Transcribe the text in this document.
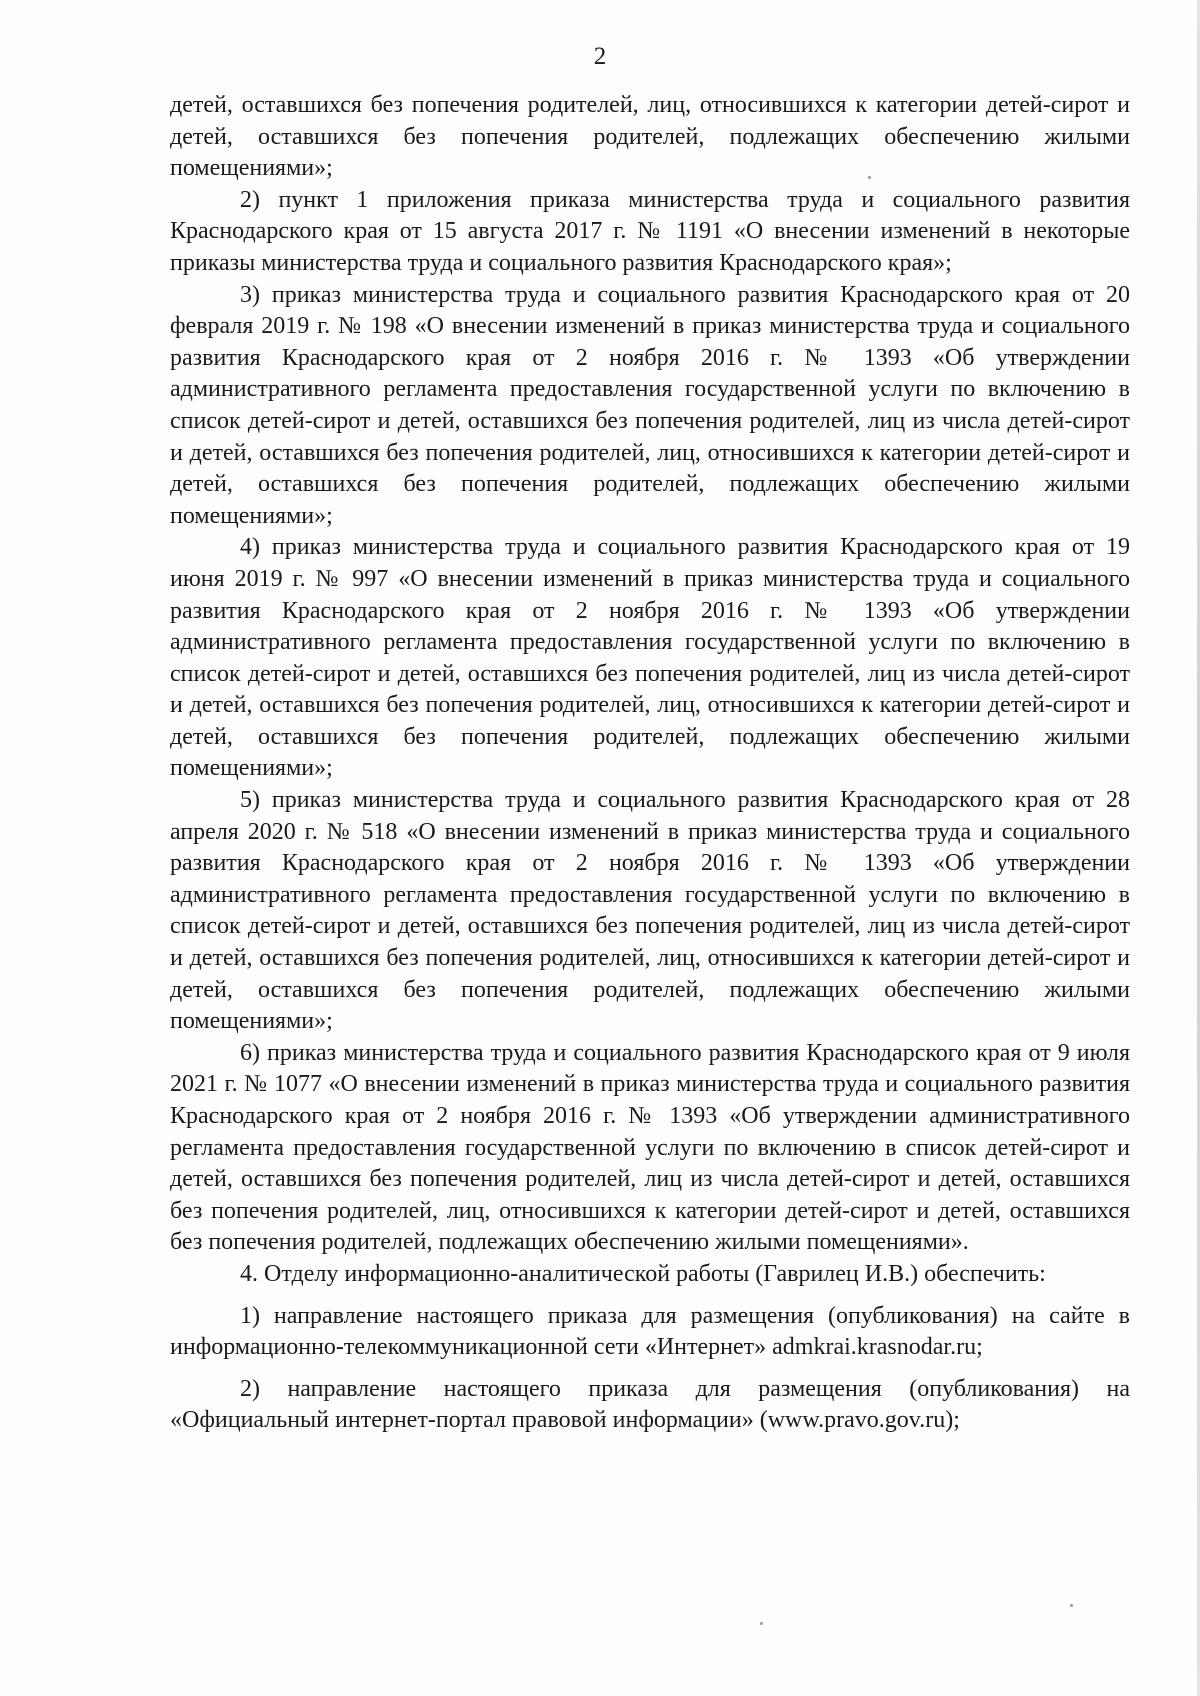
2

детей, оставшихся без попечения родителей, лиц, относившихся к категории детей-сирот и детей, оставшихся без попечения родителей, подлежащих обеспечению жилыми помещениями»;

2) пункт 1 приложения приказа министерства труда и социального развития Краснодарского края от 15 августа 2017 г. № 1191 «О внесении изменений в некоторые приказы министерства труда и социального развития Краснодарского края»;

3) приказ министерства труда и социального развития Краснодарского края от 20 февраля 2019 г. № 198 «О внесении изменений в приказ министерства труда и социального развития Краснодарского края от 2 ноября 2016 г. № 1393 «Об утверждении административного регламента предоставления государственной услуги по включению в список детей-сирот и детей, оставшихся без попечения родителей, лиц из числа детей-сирот и детей, оставшихся без попечения родителей, лиц, относившихся к категории детей-сирот и детей, оставшихся без попечения родителей, подлежащих обеспечению жилыми помещениями»;

4) приказ министерства труда и социального развития Краснодарского края от 19 июня 2019 г. № 997 «О внесении изменений в приказ министерства труда и социального развития Краснодарского края от 2 ноября 2016 г. № 1393 «Об утверждении административного регламента предоставления государственной услуги по включению в список детей-сирот и детей, оставшихся без попечения родителей, лиц из числа детей-сирот и детей, оставшихся без попечения родителей, лиц, относившихся к категории детей-сирот и детей, оставшихся без попечения родителей, подлежащих обеспечению жилыми помещениями»;

5) приказ министерства труда и социального развития Краснодарского края от 28 апреля 2020 г. № 518 «О внесении изменений в приказ министерства труда и социального развития Краснодарского края от 2 ноября 2016 г. № 1393 «Об утверждении административного регламента предоставления государственной услуги по включению в список детей-сирот и детей, оставшихся без попечения родителей, лиц из числа детей-сирот и детей, оставшихся без попечения родителей, лиц, относившихся к категории детей-сирот и детей, оставшихся без попечения родителей, подлежащих обеспечению жилыми помещениями»;

6) приказ министерства труда и социального развития Краснодарского края от 9 июля 2021 г. № 1077 «О внесении изменений в приказ министерства труда и социального развития Краснодарского края от 2 ноября 2016 г. № 1393 «Об утверждении административного регламента предоставления государственной услуги по включению в список детей-сирот и детей, оставшихся без попечения родителей, лиц из числа детей-сирот и детей, оставшихся без попечения родителей, лиц, относившихся к категории детей-сирот и детей, оставшихся без попечения родителей, подлежащих обеспечению жилыми помещениями».

4. Отделу информационно-аналитической работы (Гаврилец И.В.) обеспечить:

1) направление настоящего приказа для размещения (опубликования) на сайте в информационно-телекоммуникационной сети «Интернет» admkrai.krasnodar.ru;

2) направление настоящего приказа для размещения (опубликования) на «Официальный интернет-портал правовой информации» (www.pravo.gov.ru);
